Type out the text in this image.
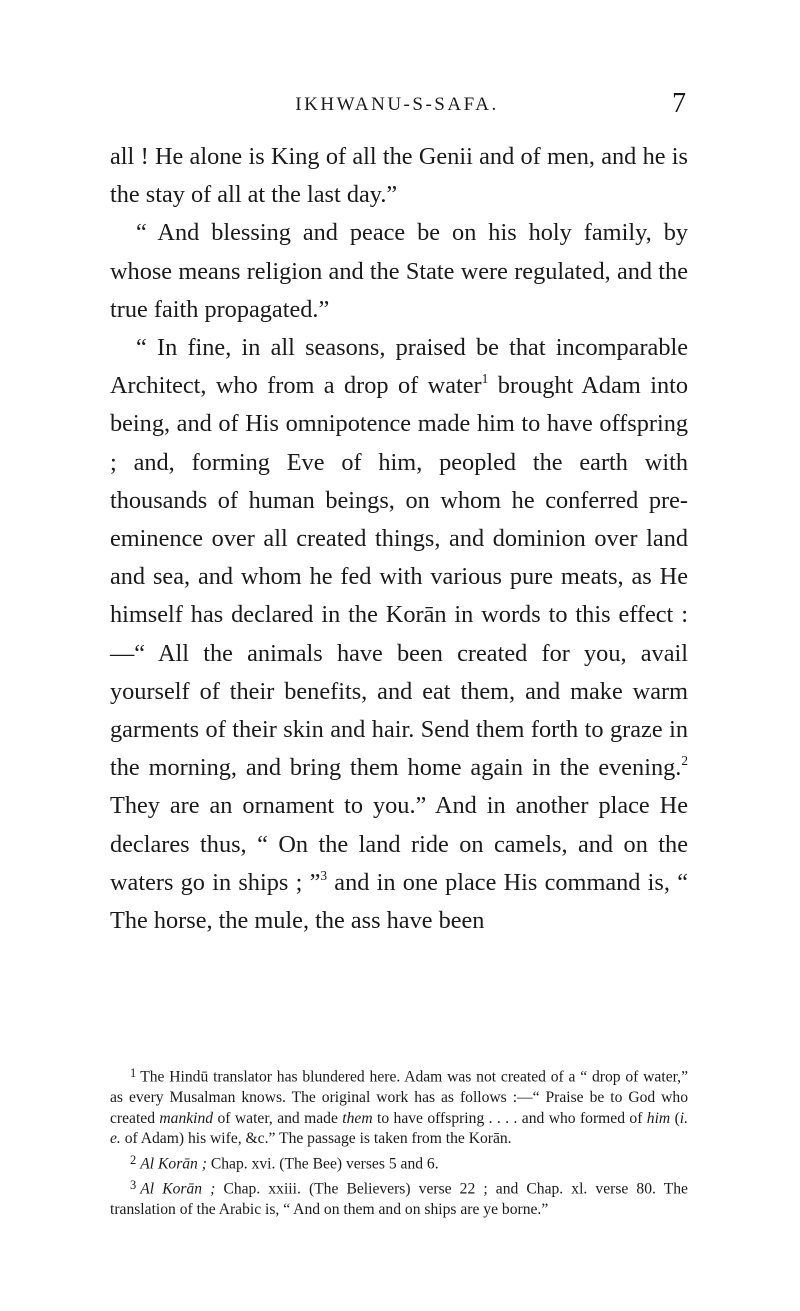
IKHWANU-S-SAFA.	7

all ! He alone is King of all the Genii and of men, and he is the stay of all at the last day.”

“ And blessing and peace be on his holy family, by whose means religion and the State were regulated, and the true faith propagated.”

“ In fine, in all seasons, praised be that incomparable Architect, who from a drop of water$^1$ brought Adam into being, and of His omnipotence made him to have offspring ; and, forming Eve of him, peopled the earth with thousands of human beings, on whom he conferred pre-eminence over all created things, and dominion over land and sea, and whom he fed with various pure meats, as He himself has declared in the Korān in words to this effect :—“ All the animals have been created for you, avail yourself of their benefits, and eat them, and make warm garments of their skin and hair. Send them forth to graze in the morning, and bring them home again in the evening.$^2$ They are an ornament to you.” And in another place He declares thus, “ On the land ride on camels, and on the waters go in ships ; ”$^3$ and in one place His command is, “ The horse, the mule, the ass have been

$^1$ The Hindū translator has blundered here. Adam was not created of a “ drop of water,” as every Musalman knows. The original work has as follows :—“ Praise be to God who created mankind of water, and made them to have offspring . . . . and who formed of him (i. e. of Adam) his wife, &c.” The passage is taken from the Korān.

$^2$ Al Korān ; Chap. xvi. (The Bee) verses 5 and 6.

$^3$ Al Korān ; Chap. xxiii. (The Believers) verse 22 ; and Chap. xl. verse 80. The translation of the Arabic is, “ And on them and on ships are ye borne.”
